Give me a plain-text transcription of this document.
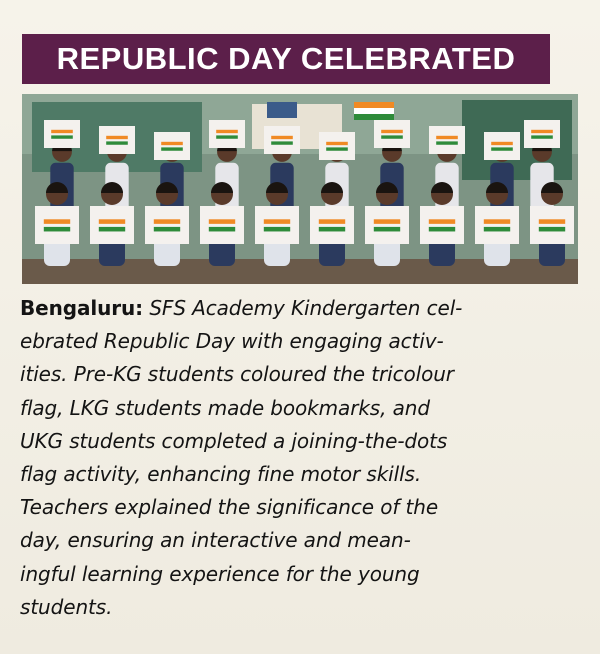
REPUBLIC DAY CELEBRATED
Bengaluru: SFS Academy Kindergarten cel-
ebrated Republic Day with engaging activ-
ities. Pre-KG students coloured the tricolour
flag, LKG students made bookmarks, and
UKG students completed a joining-the-dots
flag activity, enhancing fine motor skills.
Teachers explained the significance of the
day, ensuring an interactive and mean-
ingful learning experience for the young
students.
